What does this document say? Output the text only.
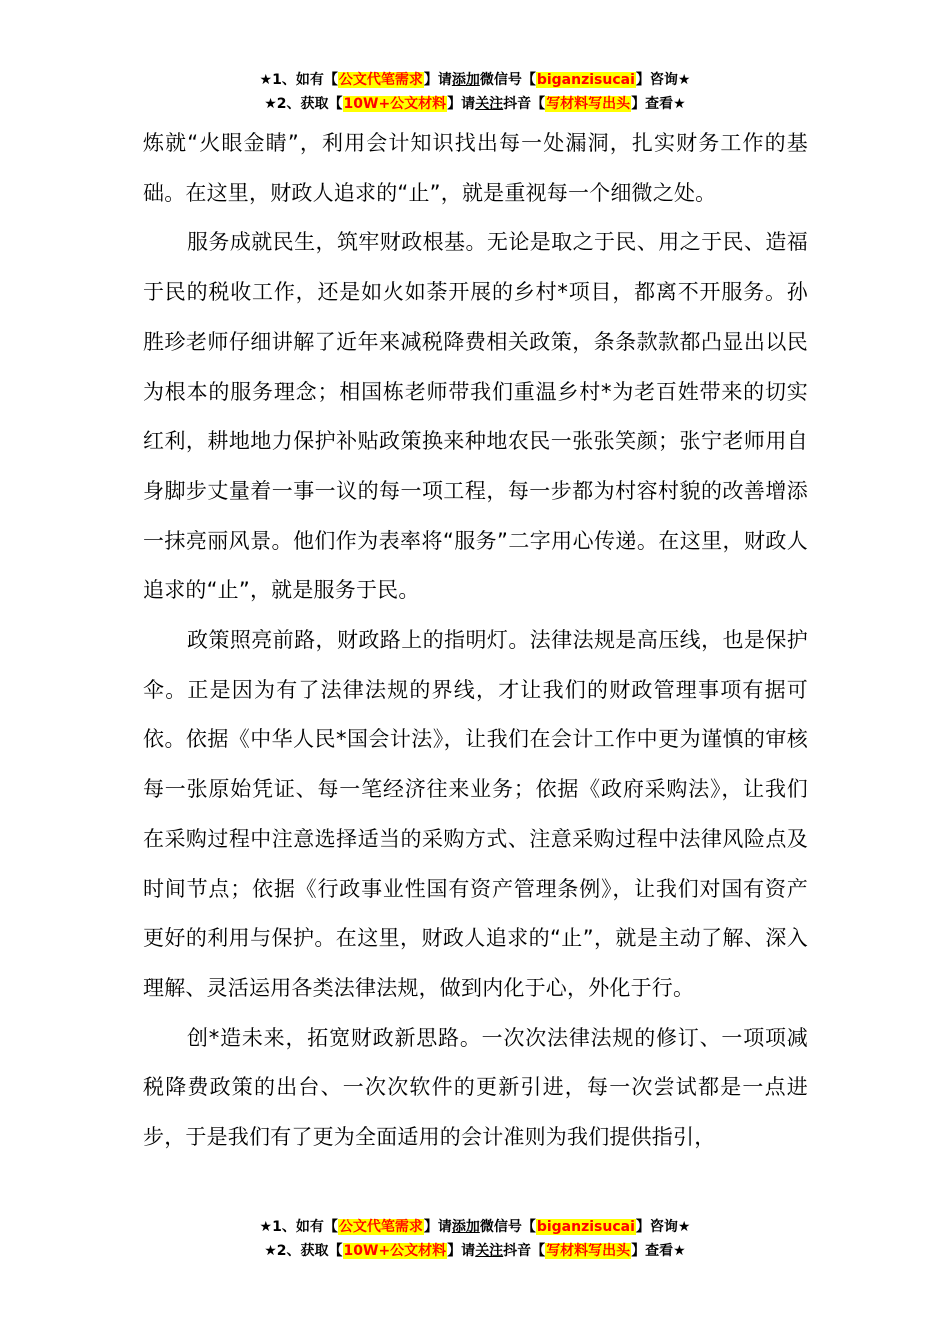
★1、如有【公文代笔需求】请添加微信号【biganzisucai】咨询★
★2、获取【10W+公文材料】请关注抖音【写材料写出头】查看★

炼就“火眼金睛”，利用会计知识找出每一处漏洞，扎实财务工作的基础。在这里，财政人追求的“止”，就是重视每一个细微之处。

服务成就民生，筑牢财政根基。无论是取之于民、用之于民、造福于民的税收工作，还是如火如荼开展的乡村*项目，都离不开服务。孙胜珍老师仔细讲解了近年来减税降费相关政策，条条款款都凸显出以民为根本的服务理念；相国栋老师带我们重温乡村*为老百姓带来的切实红利，耕地地力保护补贴政策换来种地农民一张张笑颜；张宁老师用自身脚步丈量着一事一议的每一项工程，每一步都为村容村貌的改善增添一抹亮丽风景。他们作为表率将“服务”二字用心传递。在这里，财政人追求的“止”，就是服务于民。

政策照亮前路，财政路上的指明灯。法律法规是高压线，也是保护伞。正是因为有了法律法规的界线，才让我们的财政管理事项有据可依。依据《中华人民*国会计法》，让我们在会计工作中更为谨慎的审核每一张原始凭证、每一笔经济往来业务；依据《政府采购法》，让我们在采购过程中注意选择适当的采购方式、注意采购过程中法律风险点及时间节点；依据《行政事业性国有资产管理条例》，让我们对国有资产更好的利用与保护。在这里，财政人追求的“止”，就是主动了解、深入理解、灵活运用各类法律法规，做到内化于心，外化于行。

创*造未来，拓宽财政新思路。一次次法律法规的修订、一项项减税降费政策的出台、一次次软件的更新引进，每一次尝试都是一点进步，于是我们有了更为全面适用的会计准则为我们提供指引，

★1、如有【公文代笔需求】请添加微信号【biganzisucai】咨询★
★2、获取【10W+公文材料】请关注抖音【写材料写出头】查看★
